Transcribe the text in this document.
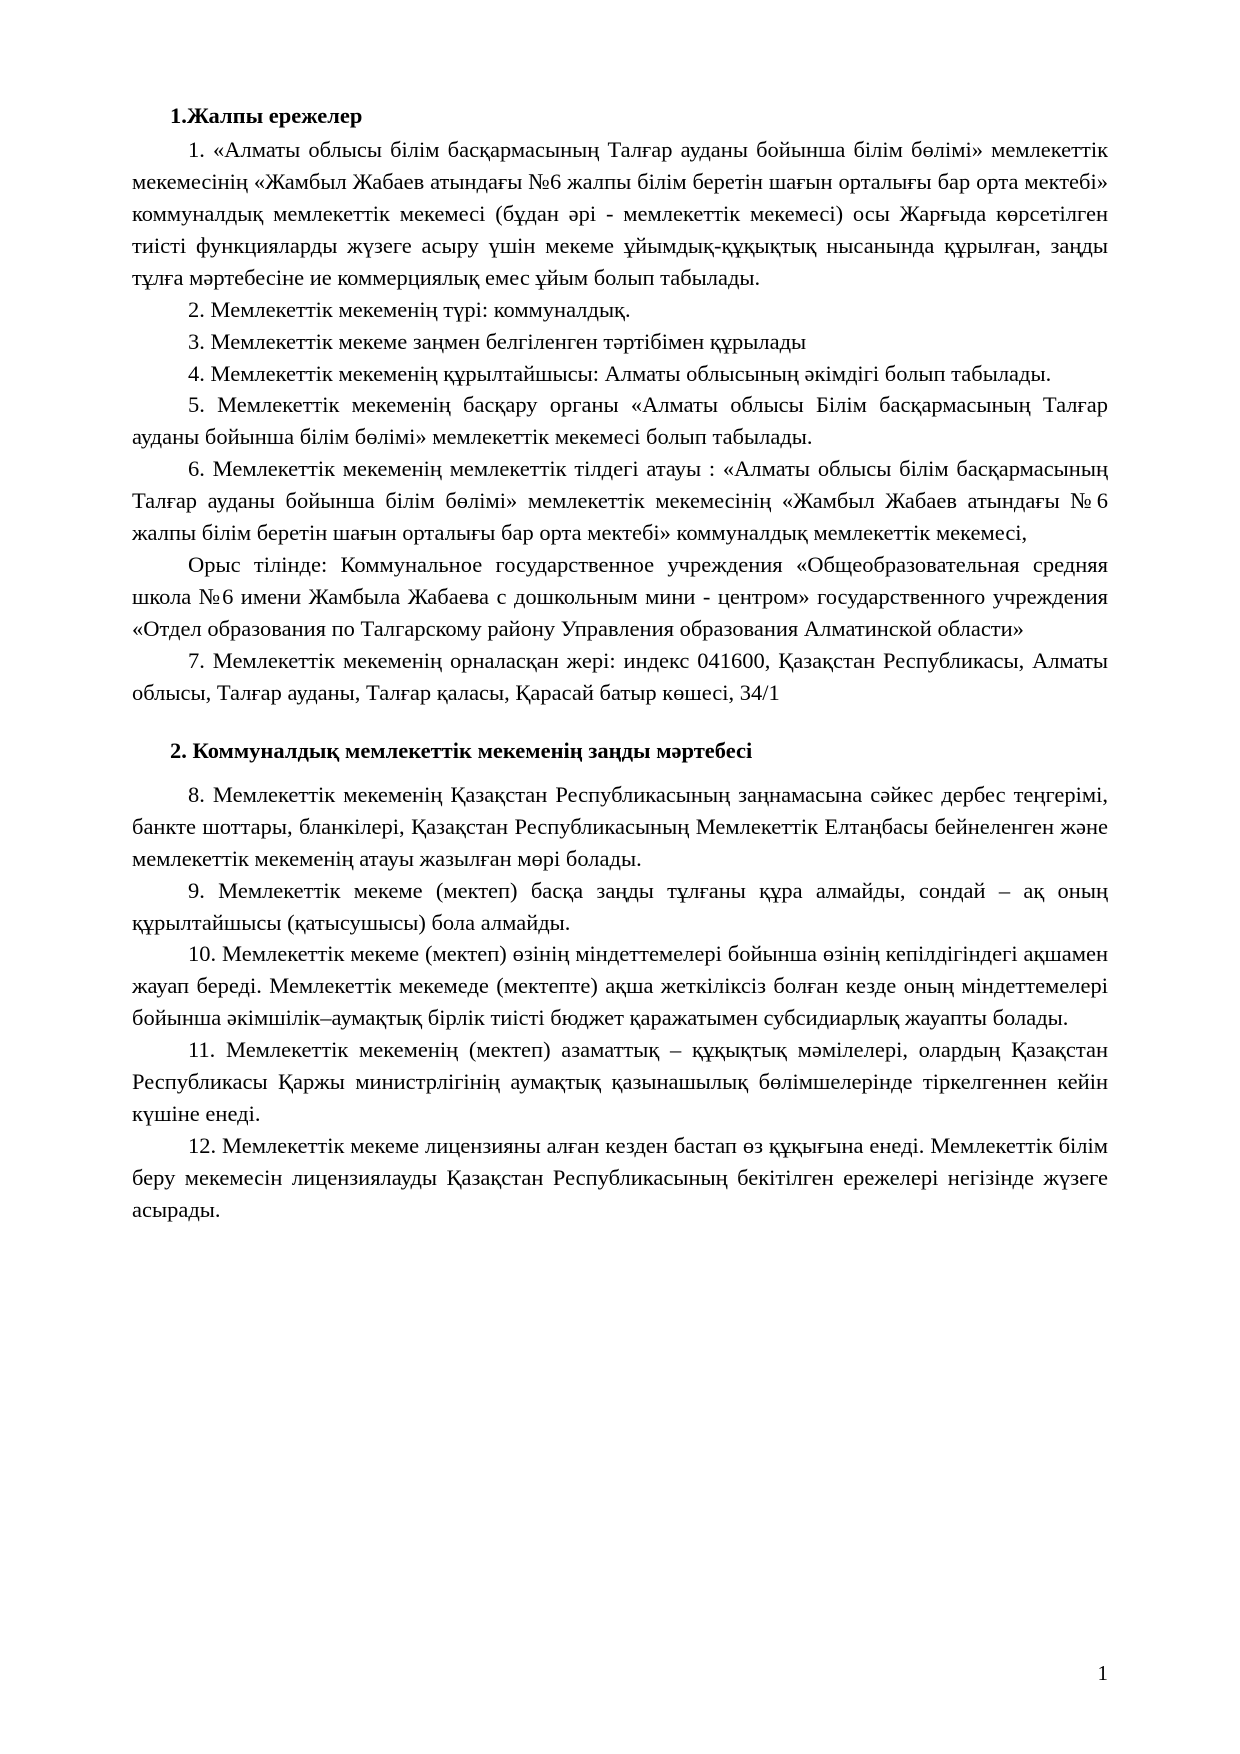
1.Жалпы ережелер

1. «Алматы облысы білім басқармасының Талғар ауданы бойынша білім бөлімі» мемлекеттік мекемесінің «Жамбыл Жабаев атындағы №6 жалпы білім беретін шағын орталығы бар орта мектебі» коммуналдық мемлекеттік мекемесі (бұдан әрі - мемлекеттік мекемесі) осы Жарғыда көрсетілген тиісті функцияларды жүзеге асыру үшін мекеме ұйымдық-құқықтық нысанында құрылған, заңды тұлға мәртебесіне ие коммерциялық емес ұйым болып табылады.

2. Мемлекеттік мекеменің түрі: коммуналдық.

3. Мемлекеттік мекеме заңмен белгіленген тәртібімен құрылады

4. Мемлекеттік мекеменің құрылтайшысы: Алматы облысының әкімдігі болып табылады.

5. Мемлекеттік мекеменің басқару органы «Алматы облысы Білім басқармасының Талғар ауданы бойынша білім бөлімі» мемлекеттік мекемесі болып табылады.

6. Мемлекеттік мекеменің мемлекеттік тілдегі атауы : «Алматы облысы білім басқармасының Талғар ауданы бойынша білім бөлімі» мемлекеттік мекемесінің «Жамбыл Жабаев атындағы №6 жалпы білім беретін шағын орталығы бар орта мектебі» коммуналдық мемлекеттік мекемесі,

Орыс тілінде: Коммунальное государственное учреждения «Общеобразовательная средняя школа №6 имени Жамбыла Жабаева с дошкольным мини - центром» государственного учреждения «Отдел образования по Талгарскому району Управления образования Алматинской области»

7. Мемлекеттік мекеменің орналасқан жері: индекс 041600, Қазақстан Республикасы, Алматы облысы, Талғар ауданы, Талғар қаласы, Қарасай батыр көшесі, 34/1

2. Коммуналдық мемлекеттік мекеменің заңды мәртебесі

8. Мемлекеттік мекеменің Қазақстан Республикасының заңнамасына сәйкес дербес теңгерімі, банкте шоттары, бланкілері, Қазақстан Республикасының Мемлекеттік Елтаңбасы бейнеленген және мемлекеттік мекеменің атауы жазылған мөрі болады.

9. Мемлекеттік мекеме (мектеп) басқа заңды тұлғаны құра алмайды, сондай – ақ оның құрылтайшысы (қатысушысы) бола алмайды.

10. Мемлекеттік мекеме (мектеп) өзінің міндеттемелері бойынша өзінің кепілдігіндегі ақшамен жауап береді. Мемлекеттік мекемеде (мектепте) ақша жеткіліксіз болған кезде оның міндеттемелері бойынша әкімшілік–аумақтық бірлік тиісті бюджет қаражатымен субсидиарлық жауапты болады.

11. Мемлекеттік мекеменің (мектеп) азаматтық – құқықтық мәмілелері, олардың Қазақстан Республикасы Қаржы министрлігінің аумақтық қазынашылық бөлімшелерінде тіркелгеннен кейін күшіне енеді.

12. Мемлекеттік мекеме лицензияны алған кезден бастап өз құқығына енеді. Мемлекеттік білім беру мекемесін лицензиялауды Қазақстан Республикасының бекітілген ережелері негізінде жүзеге асырады.

1
